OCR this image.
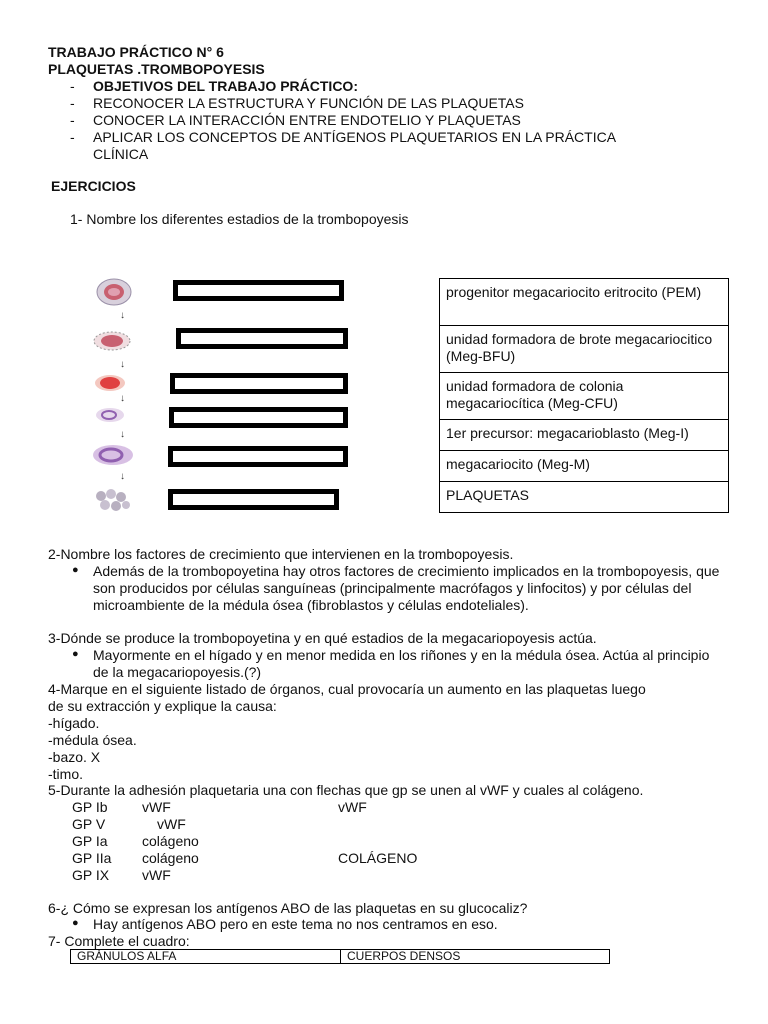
TRABAJO PRÁCTICO N° 6
PLAQUETAS .TROMBOPOYESIS
- OBJETIVOS DEL TRABAJO PRÁCTICO:
- RECONOCER LA ESTRUCTURA Y FUNCIÓN DE LAS PLAQUETAS
- CONOCER LA INTERACCIÓN ENTRE ENDOTELIO Y PLAQUETAS
- APLICAR LOS CONCEPTOS DE ANTÍGENOS PLAQUETARIOS EN LA PRÁCTICA
CLÍNICA
EJERCICIOS
1- Nombre los diferentes estadios de la trombopoyesis
↓
↓
↓
↓
↓
progenitor megacariocito eritrocito (PEM)
unidad formadora de brote megacariocitico (Meg-BFU)
unidad formadora de colonia megacariocítica (Meg-CFU)
1er precursor: megacarioblasto (Meg-I)
megacariocito (Meg-M)
PLAQUETAS
2-Nombre los factores de crecimiento que intervienen en la trombopoyesis.
● Además de la trombopoyetina hay otros factores de crecimiento implicados en la trombopoyesis, que son producidos por células sanguíneas (principalmente macrófagos y linfocitos) y por células del microambiente de la médula ósea (fibroblastos y células endoteliales).
3-Dónde se produce la trombopoyetina y en qué estadios de la megacariopoyesis actúa.
● Mayormente en el hígado y en menor medida en los riñones y en la médula ósea. Actúa al principio de la megacariopoyesis.(?)
4-Marque en el siguiente listado de órganos, cual provocaría un aumento en las plaquetas luego
de su extracción y explique la causa:
-hígado.
-médula ósea.
-bazo. X
-timo.
5-Durante la adhesión plaquetaria una con flechas que gp se unen al vWF y cuales al colágeno.
GP Ib vWF
GP V	vWF
GP Ia colágeno
GP IIa colágeno
GP IX vWF
vWF
COLÁGENO
6-¿ Cómo se expresan los antígenos ABO de las plaquetas en su glucocaliz?
● Hay antígenos ABO pero en este tema no nos centramos en eso.
7- Complete el cuadro:
GRÁNULOS ALFA	CUERPOS DENSOS
